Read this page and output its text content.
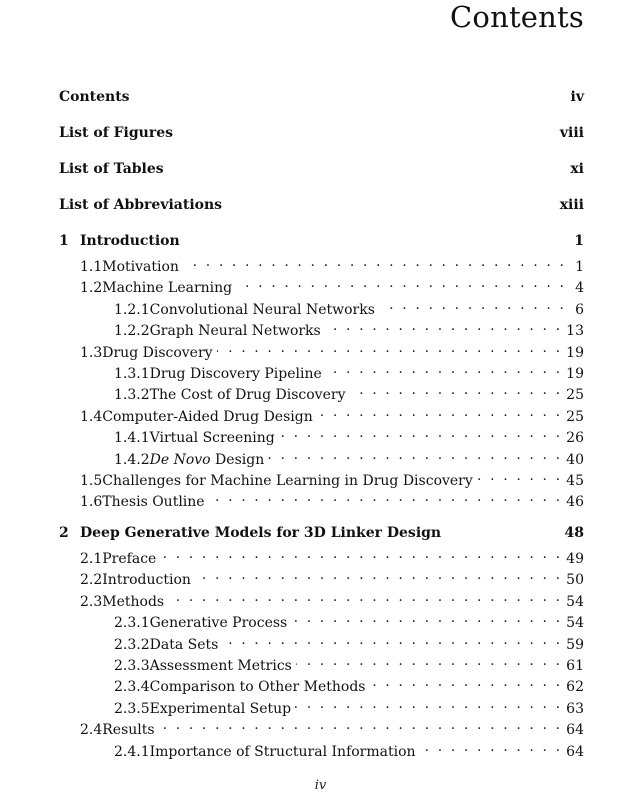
Contents
Contents	iv
List of Figures	viii
List of Tables	xi
List of Abbreviations	xiii
1 Introduction	1
1.1 Motivation . . .	1
1.2 Machine Learning . . .	4
1.2.1 Convolutional Neural Networks . . .	6
1.2.2 Graph Neural Networks . . .	13
1.3 Drug Discovery . . .	19
1.3.1 Drug Discovery Pipeline . . .	19
1.3.2 The Cost of Drug Discovery . . .	25
1.4 Computer-Aided Drug Design . . .	25
1.4.1 Virtual Screening . . .	26
1.4.2 De Novo Design . . .	40
1.5 Challenges for Machine Learning in Drug Discovery . . .	45
1.6 Thesis Outline . . .	46
2 Deep Generative Models for 3D Linker Design	48
2.1 Preface . . .	49
2.2 Introduction . . .	50
2.3 Methods . . .	54
2.3.1 Generative Process . . .	54
2.3.2 Data Sets . . .	59
2.3.3 Assessment Metrics . . .	61
2.3.4 Comparison to Other Methods . . .	62
2.3.5 Experimental Setup . . .	63
2.4 Results . . .	64
2.4.1 Importance of Structural Information . . .	64
iv
